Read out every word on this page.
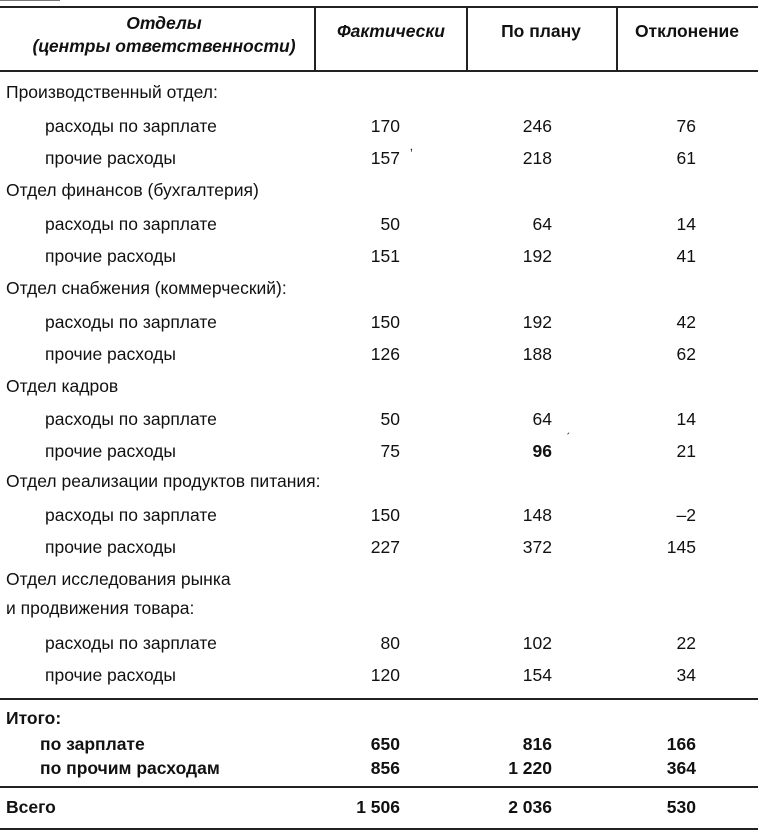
Отделы
(центры ответственности)
Фактически	По плану	Отклонение
Производственный отдел:
расходы по зарплате	170	246	76
прочие расходы	157	218	61
ʼ
Отдел финансов (бухгалтерия)
расходы по зарплате	50	64	14
прочие расходы	151	192	41
Отдел снабжения (коммерческий):
расходы по зарплате	150	192	42
прочие расходы	126	188	62
Отдел кадров
расходы по зарплате	50	64	14
прочие расходы	75	96	21
ˊ
Отдел реализации продуктов питания:
расходы по зарплате	150	148	–2
прочие расходы	227	372	145
Отдел исследования рынка
и продвижения товара:
расходы по зарплате	80	102	22
прочие расходы	120	154	34
Итого:
по зарплате	650	816	166
по прочим расходам	856	1 220	364
Всего	1 506	2 036	530
